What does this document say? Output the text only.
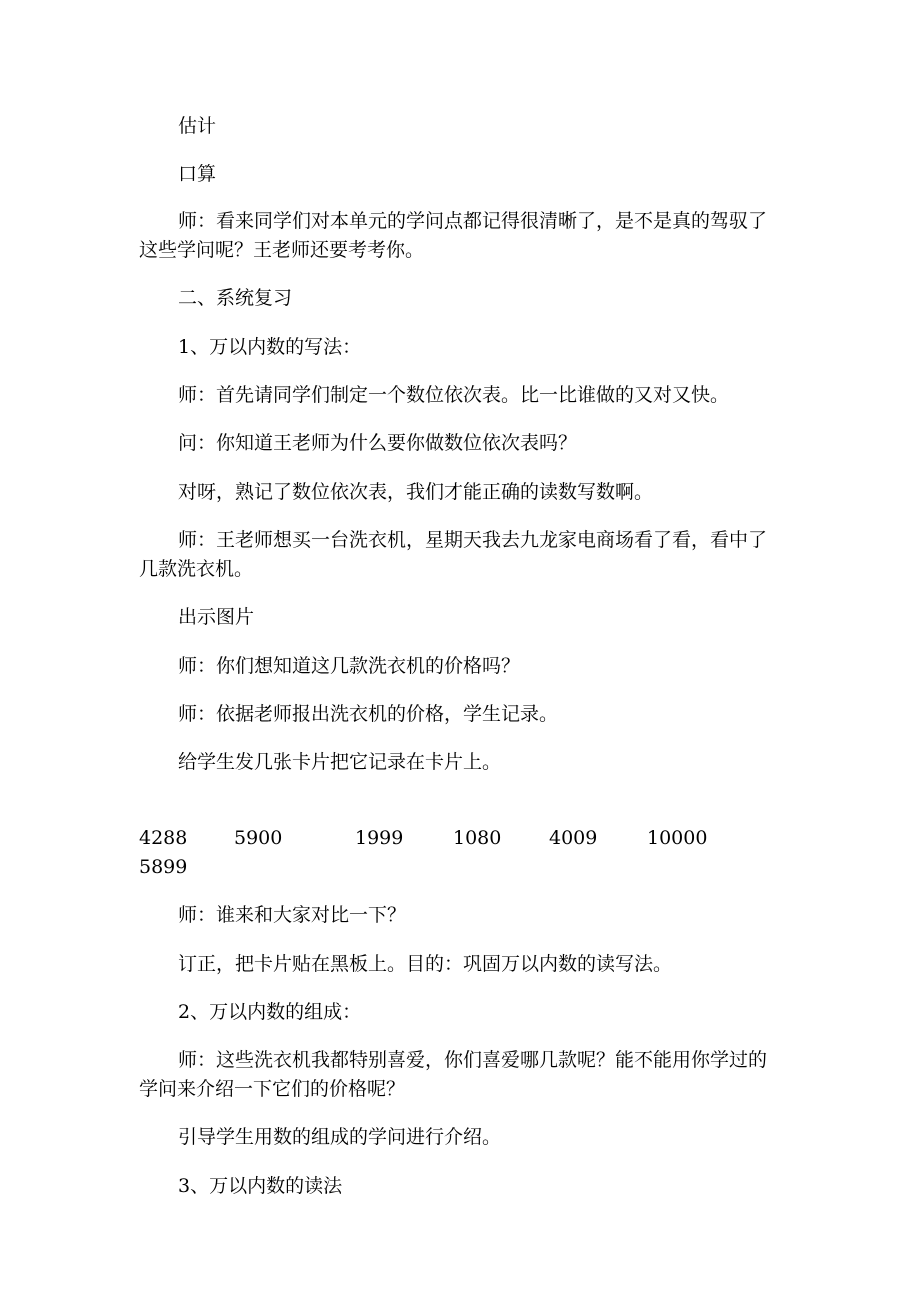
估计

口算

师：看来同学们对本单元的学问点都记得很清晰了，是不是真的驾驭了这些学问呢？王老师还要考考你。

二、系统复习

1、万以内数的写法：

师：首先请同学们制定一个数位依次表。比一比谁做的又对又快。

问：你知道王老师为什么要你做数位依次表吗？

对呀，熟记了数位依次表，我们才能正确的读数写数啊。

师：王老师想买一台洗衣机，星期天我去九龙家电商场看了看，看中了几款洗衣机。

出示图片

师：你们想知道这几款洗衣机的价格吗？

师：依据老师报出洗衣机的价格，学生记录。

给学生发几张卡片把它记录在卡片上。

4288 5900	1999	1080	4009	10000
5899

师：谁来和大家对比一下？

订正，把卡片贴在黑板上。目的：巩固万以内数的读写法。

2、万以内数的组成：

师：这些洗衣机我都特别喜爱，你们喜爱哪几款呢？能不能用你学过的学问来介绍一下它们的价格呢？

引导学生用数的组成的学问进行介绍。

3、万以内数的读法
